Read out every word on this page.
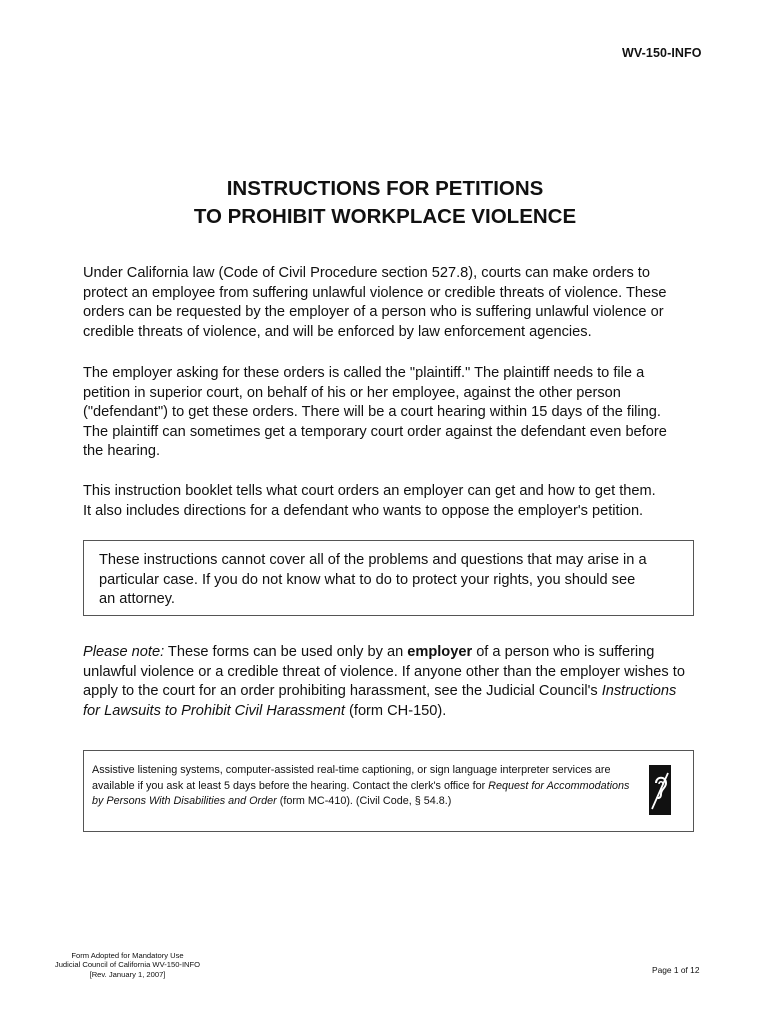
WV-150-INFO
INSTRUCTIONS FOR PETITIONS
TO PROHIBIT WORKPLACE VIOLENCE
Under California law (Code of Civil Procedure section 527.8), courts can make orders to
protect an employee from suffering unlawful violence or credible threats of violence. These
orders can be requested by the employer of a person who is suffering unlawful violence or
credible threats of violence, and will be enforced by law enforcement agencies.
The employer asking for these orders is called the "plaintiff." The plaintiff needs to file a
petition in superior court, on behalf of his or her employee, against the other person
("defendant") to get these orders. There will be a court hearing within 15 days of the filing.
The plaintiff can sometimes get a temporary court order against the defendant even before
the hearing.
This instruction booklet tells what court orders an employer can get and how to get them.
It also includes directions for a defendant who wants to oppose the employer's petition.
These instructions cannot cover all of the problems and questions that may arise in a
particular case. If you do not know what to do to protect your rights, you should see
an attorney.

Please note: These forms can be used only by an employer of a person who is suffering unlawful violence or a credible threat of violence. If anyone other than the employer wishes to apply to the court for an order prohibiting harassment, see the Judicial Council's Instructions for Lawsuits to Prohibit Civil Harassment (form CH-150).

Assistive listening systems, computer-assisted real-time captioning, or sign language interpreter services are available if you ask at least 5 days before the hearing. Contact the clerk's office for Request for Accommodations by Persons With Disabilities and Order (form MC-410). (Civil Code, § 54.8.)
Form Adopted for Mandatory Use
Judicial Council of California WV-150-INFO
[Rev. January 1, 2007]	Page 1 of 12
